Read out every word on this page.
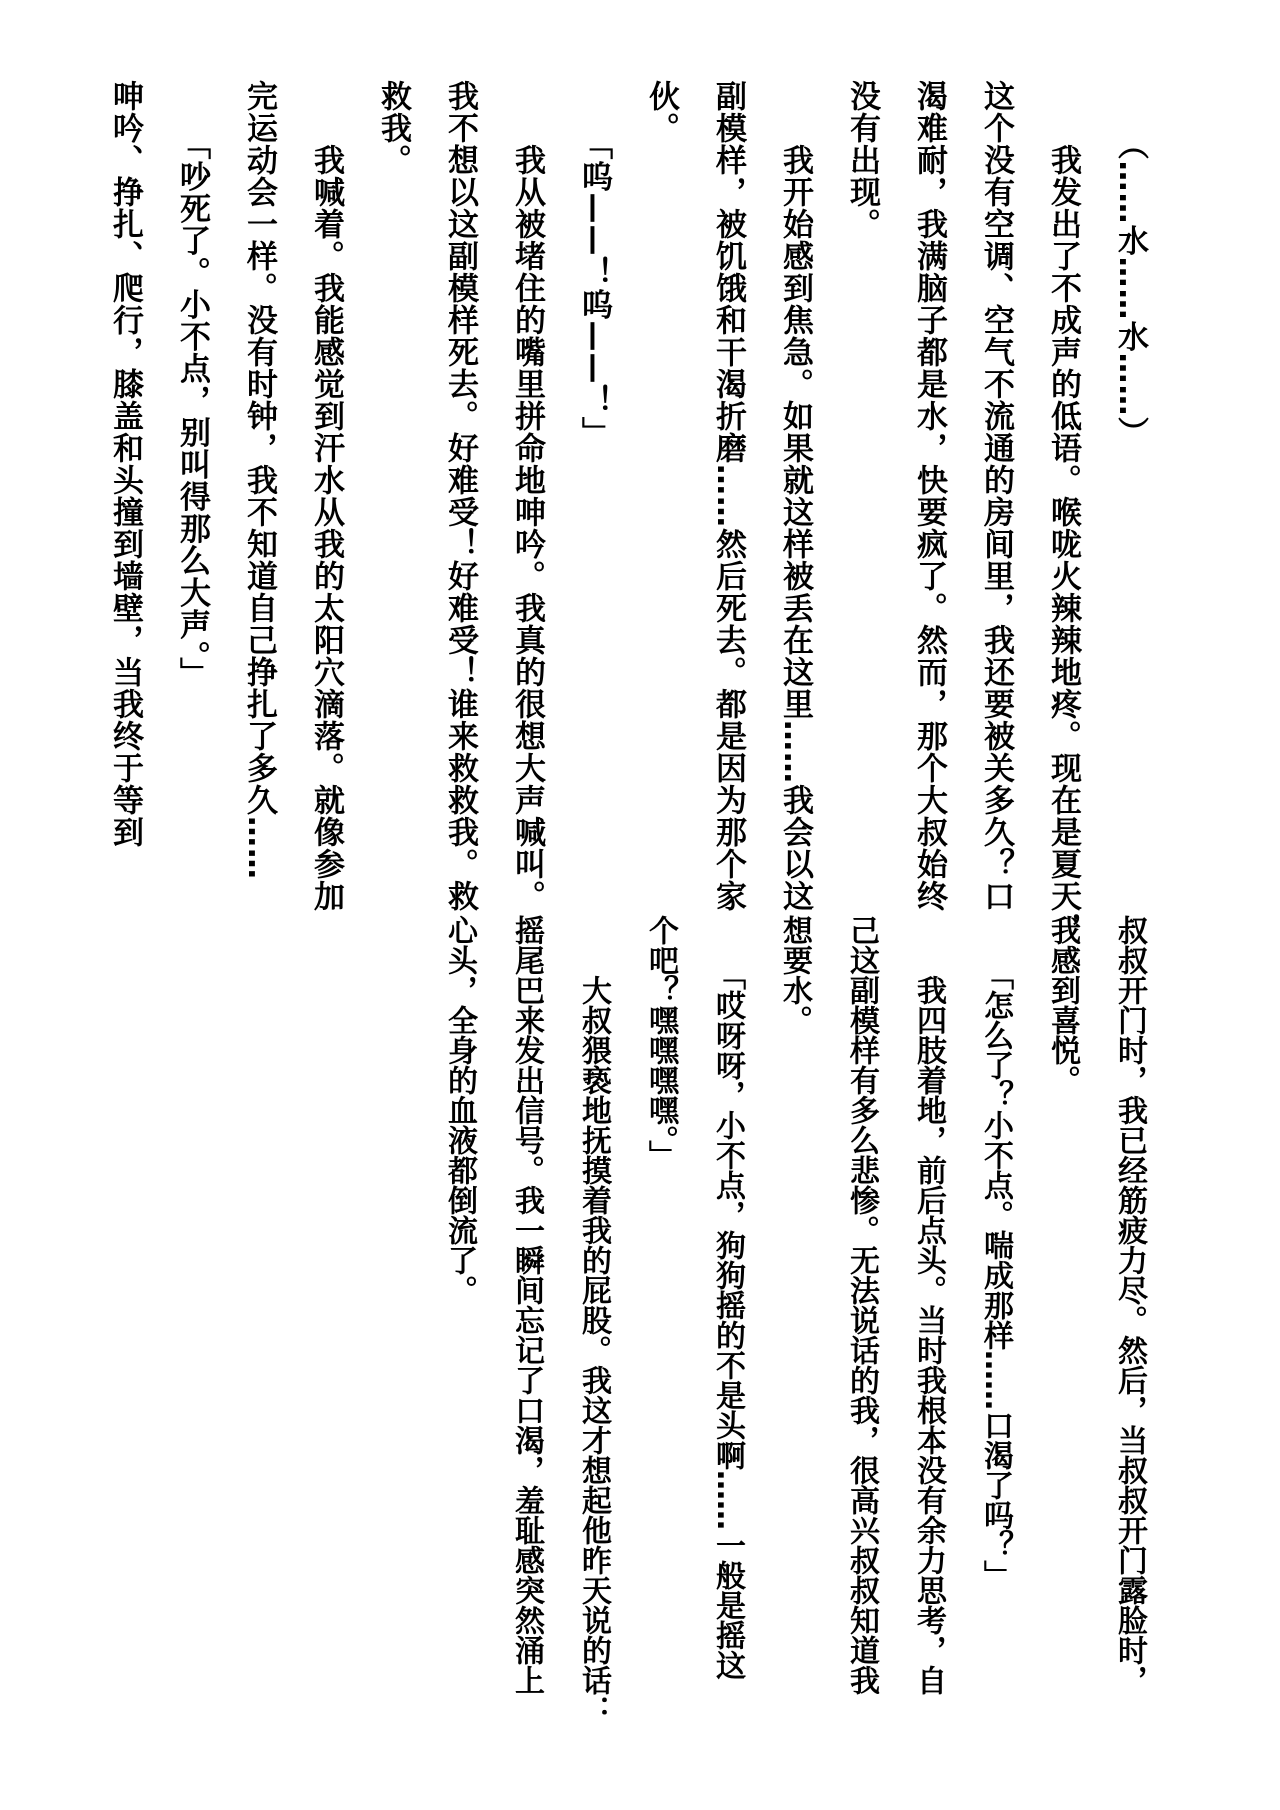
　　（……水……水……）
　　我发出了不成声的低语。喉咙火辣辣地疼。现在是夏天，
这个没有空调、空气不流通的房间里，我还要被关多久？口
渴难耐，我满脑子都是水，快要疯了。然而，那个大叔始终
没有出现。
　　我开始感到焦急。如果就这样被丢在这里……我会以这
副模样，被饥饿和干渴折磨……然后死去。都是因为那个家
伙。
　　「呜——！呜——！」
　　我从被堵住的嘴里拼命地呻吟。我真的很想大声喊叫。
我不想以这副模样死去。好难受！好难受！谁来救救我。救
救我。
　　我喊着。我能感觉到汗水从我的太阳穴滴落。就像参加
完运动会一样。没有时钟，我不知道自己挣扎了多久……
　　「吵死了。小不点，别叫得那么大声。」
呻吟、挣扎、爬行，膝盖和头撞到墙壁，当我终于等到
叔叔开门时，我已经筋疲力尽。然后，当叔叔开门露脸时，
我感到喜悦。
　　「怎么了？小不点。喘成那样……口渴了吗？」
　　我四肢着地，前后点头。当时我根本没有余力思考，自
己这副模样有多么悲惨。无法说话的我，很高兴叔叔知道我
想要水。
　　「哎呀呀，小不点，狗狗摇的不是头啊……一般是摇这
个吧？嘿嘿嘿嘿。」
　　大叔猥亵地抚摸着我的屁股。我这才想起他昨天说的话：
摇尾巴来发出信号。我一瞬间忘记了口渴，羞耻感突然涌上
心头，全身的血液都倒流了。
